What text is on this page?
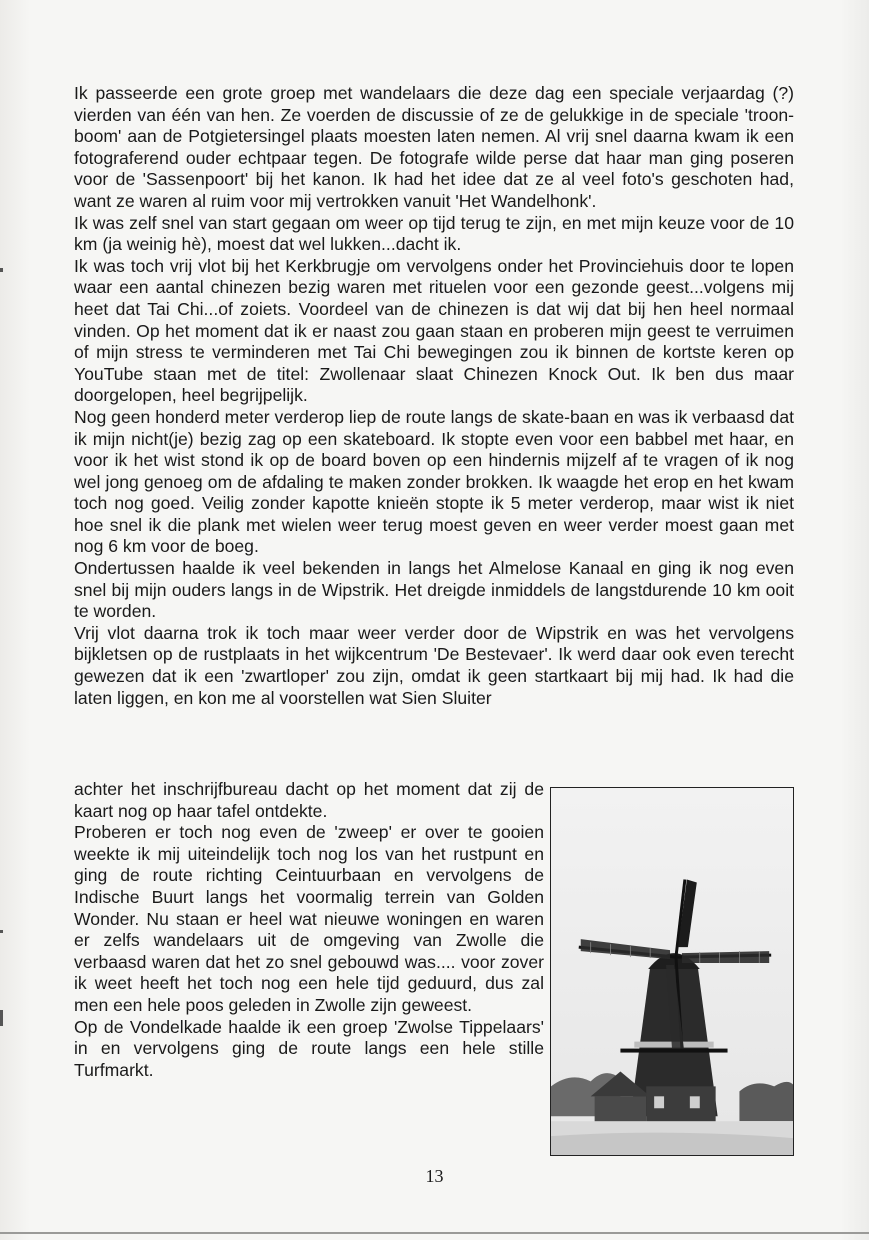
Ik passeerde een grote groep met wandelaars die deze dag een speciale verjaardag (?) vierden van één van hen. Ze voerden de discussie of ze de gelukkige in de speciale 'troon-boom' aan de Potgietersingel plaats moesten laten nemen. Al vrij snel daarna kwam ik een fotograferend ouder echtpaar tegen. De fotografe wilde perse dat haar man ging poseren voor de 'Sassenpoort' bij het kanon. Ik had het idee dat ze al veel foto's geschoten had, want ze waren al ruim voor mij vertrokken vanuit 'Het Wandelhonk'.

Ik was zelf snel van start gegaan om weer op tijd terug te zijn, en met mijn keuze voor de 10 km (ja weinig hè), moest dat wel lukken...dacht ik.

Ik was toch vrij vlot bij het Kerkbrugje om vervolgens onder het Provinciehuis door te lopen waar een aantal chinezen bezig waren met rituelen voor een gezonde geest...volgens mij heet dat Tai Chi...of zoiets. Voordeel van de chinezen is dat wij dat bij hen heel normaal vinden. Op het moment dat ik er naast zou gaan staan en proberen mijn geest te verruimen of mijn stress te verminderen met Tai Chi bewegingen zou ik binnen de kortste keren op YouTube staan met de titel: Zwollenaar slaat Chinezen Knock Out. Ik ben dus maar doorgelopen, heel begrijpelijk.

Nog geen honderd meter verderop liep de route langs de skate-baan en was ik verbaasd dat ik mijn nicht(je) bezig zag op een skateboard. Ik stopte even voor een babbel met haar, en voor ik het wist stond ik op de board boven op een hindernis mijzelf af te vragen of ik nog wel jong genoeg om de afdaling te maken zonder brokken. Ik waagde het erop en het kwam toch nog goed. Veilig zonder kapotte knieën stopte ik 5 meter verderop, maar wist ik niet hoe snel ik die plank met wielen weer terug moest geven en weer verder moest gaan met nog 6 km voor de boeg.

Ondertussen haalde ik veel bekenden in langs het Almelose Kanaal en ging ik nog even snel bij mijn ouders langs in de Wipstrik. Het dreigde inmiddels de langstdurende 10 km ooit te worden.

Vrij vlot daarna trok ik toch maar weer verder door de Wipstrik en was het vervolgens bijkletsen op de rustplaats in het wijkcentrum 'De Bestevaer'. Ik werd daar ook even terecht gewezen dat ik een 'zwartloper' zou zijn, omdat ik geen startkaart bij mij had. Ik had die laten liggen, en kon me al voorstellen wat Sien Sluiter

achter het inschrijfbureau dacht op het moment dat zij de kaart nog op haar tafel ontdekte.

Proberen er toch nog even de 'zweep' er over te gooien weekte ik mij uiteindelijk toch nog los van het rustpunt en ging de route richting Ceintuurbaan en vervolgens de Indische Buurt langs het voormalig terrein van Golden Wonder. Nu staan er heel wat nieuwe woningen en waren er zelfs wandelaars uit de omgeving van Zwolle die verbaasd waren dat het zo snel gebouwd was.... voor zover ik weet heeft het toch nog een hele tijd geduurd, dus zal men een hele poos geleden in Zwolle zijn geweest.

Op de Vondelkade haalde ik een groep 'Zwolse Tippelaars' in en vervolgens ging de route langs een hele stille Turfmarkt.

13
